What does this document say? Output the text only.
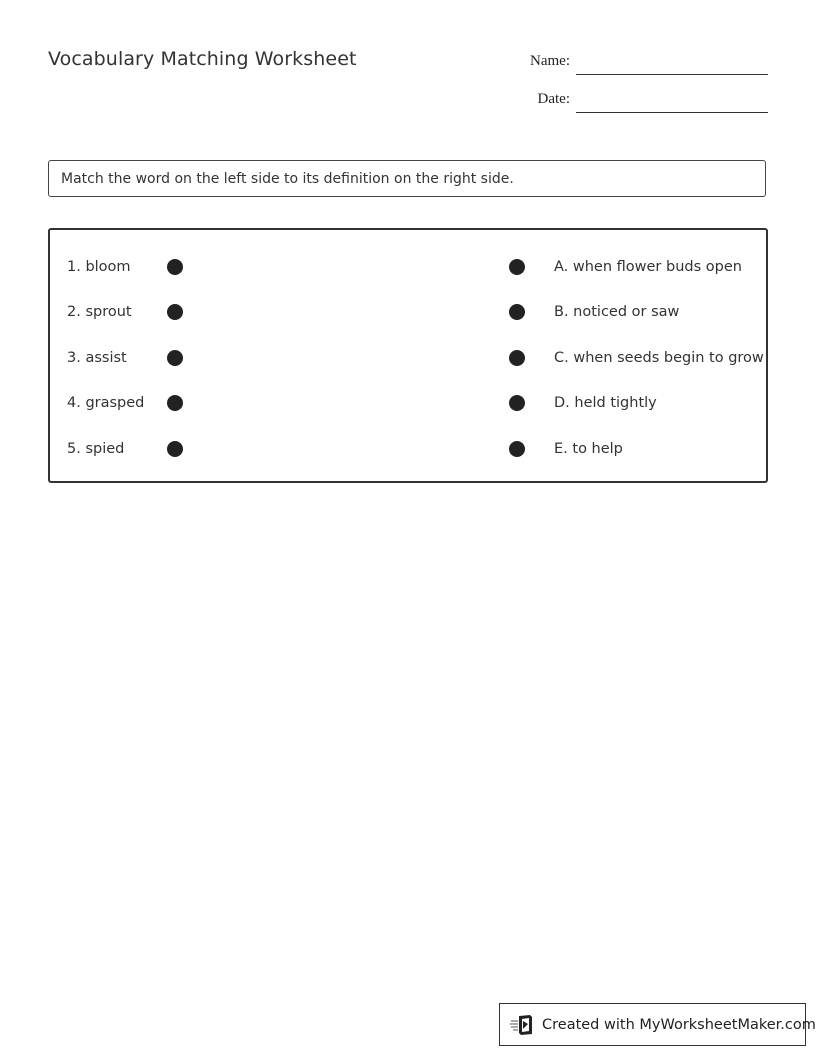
Vocabulary Matching Worksheet	Name:
Date:
Match the word on the left side to its definition on the right side.
1. bloom	A. when flower buds open
2. sprout	B. noticed or saw
3. assist	C. when seeds begin to grow
4. grasped	D. held tightly
5. spied	E. to help
Created with MyWorksheetMaker.com
